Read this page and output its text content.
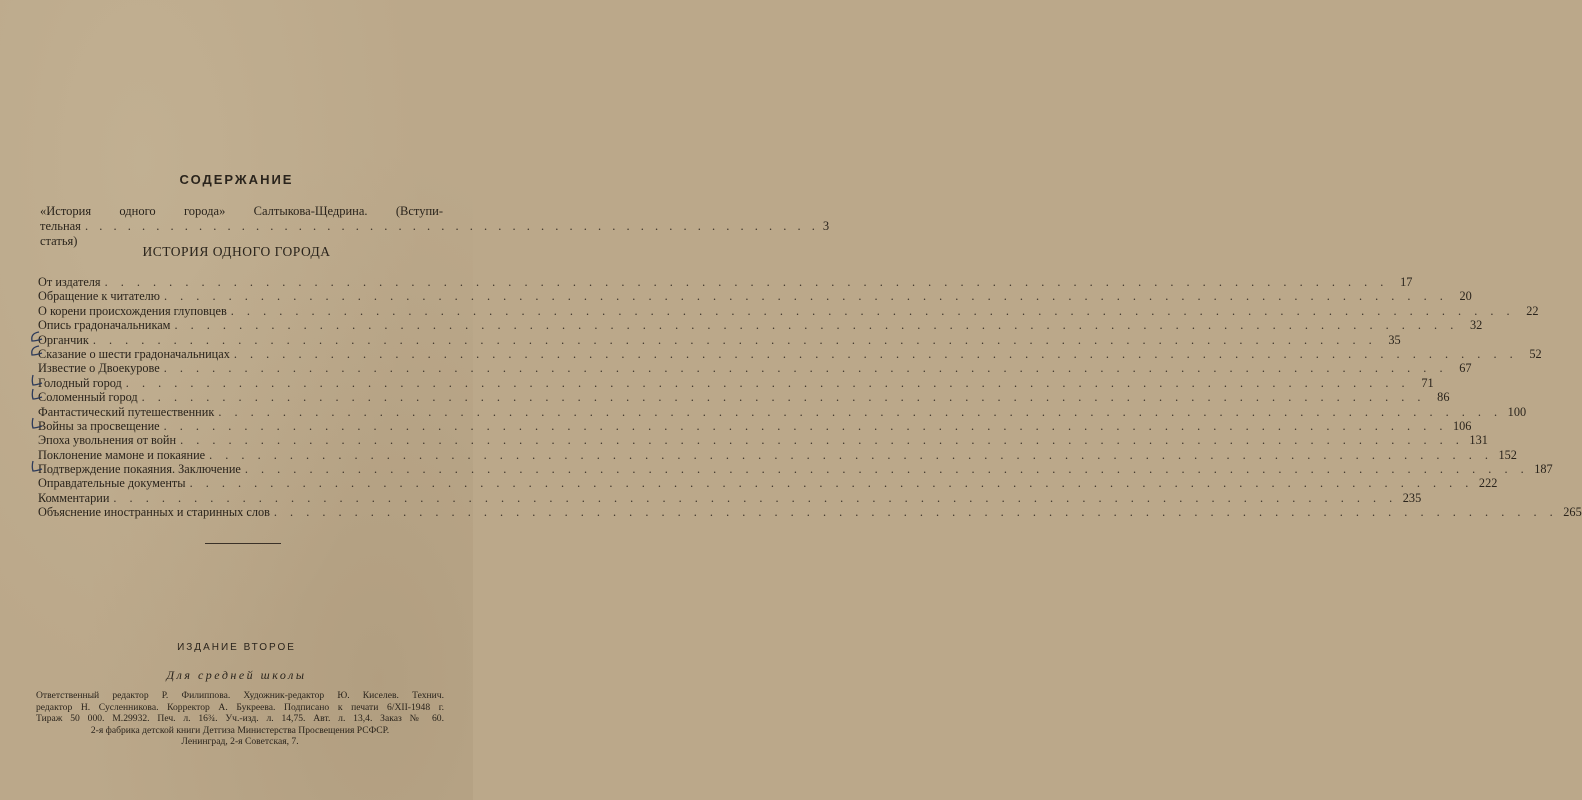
СОДЕРЖАНИЕ
«История одного города» Салтыкова-Щедрина. (Вступи-
тельная статья)
. . . . . . . . . . . . . . . . . . . . . . . . . . . . . . . . . . . . . . . . . . . . . . . . . . . . 3
ИСТОРИЯ ОДНОГО ГОРОДА
От издателя . . . . . . . . . . . . . . . . . . . . . . . . . . . . . . . . . . . . . . . . . . . . . . . . . . . . . . . . . . . . . . . . . . . . . . . . . . . . . . . . 17
Обращение к читателю . . . . . . . . . . . . . . . . . . . . . . . . . . . . . . . . . . . . . . . . . . . . . . . . . . . . . . . . . . . . . . . . . . . . . . . . . . . . . . . . 20
О корени происхождения глуповцев . . . . . . . . . . . . . . . . . . . . . . . . . . . . . . . . . . . . . . . . . . . . . . . . . . . . . . . . . . . . . . . . . . . . . . . . . . . . . . . . 22
Опись градоначальникам . . . . . . . . . . . . . . . . . . . . . . . . . . . . . . . . . . . . . . . . . . . . . . . . . . . . . . . . . . . . . . . . . . . . . . . . . . . . . . . . 32
Органчик . . . . . . . . . . . . . . . . . . . . . . . . . . . . . . . . . . . . . . . . . . . . . . . . . . . . . . . . . . . . . . . . . . . . . . . . . . . . . . . . 35
Сказание о шести градоначальницах . . . . . . . . . . . . . . . . . . . . . . . . . . . . . . . . . . . . . . . . . . . . . . . . . . . . . . . . . . . . . . . . . . . . . . . . . . . . . . . . 52
Известие о Двоекурове . . . . . . . . . . . . . . . . . . . . . . . . . . . . . . . . . . . . . . . . . . . . . . . . . . . . . . . . . . . . . . . . . . . . . . . . . . . . . . . . 67
Голодный город . . . . . . . . . . . . . . . . . . . . . . . . . . . . . . . . . . . . . . . . . . . . . . . . . . . . . . . . . . . . . . . . . . . . . . . . . . . . . . . . 71
Соломенный город . . . . . . . . . . . . . . . . . . . . . . . . . . . . . . . . . . . . . . . . . . . . . . . . . . . . . . . . . . . . . . . . . . . . . . . . . . . . . . . . 86
Фантастический путешественник . . . . . . . . . . . . . . . . . . . . . . . . . . . . . . . . . . . . . . . . . . . . . . . . . . . . . . . . . . . . . . . . . . . . . . . . . . . . . . . . 100
Войны за просвещение . . . . . . . . . . . . . . . . . . . . . . . . . . . . . . . . . . . . . . . . . . . . . . . . . . . . . . . . . . . . . . . . . . . . . . . . . . . . . . . . 106
Эпоха увольнения от войн . . . . . . . . . . . . . . . . . . . . . . . . . . . . . . . . . . . . . . . . . . . . . . . . . . . . . . . . . . . . . . . . . . . . . . . . . . . . . . . . 131
Поклонение мамоне и покаяние . . . . . . . . . . . . . . . . . . . . . . . . . . . . . . . . . . . . . . . . . . . . . . . . . . . . . . . . . . . . . . . . . . . . . . . . . . . . . . . . 152
Подтверждение покаяния. Заключение . . . . . . . . . . . . . . . . . . . . . . . . . . . . . . . . . . . . . . . . . . . . . . . . . . . . . . . . . . . . . . . . . . . . . . . . . . . . . . . . 187
Оправдательные документы . . . . . . . . . . . . . . . . . . . . . . . . . . . . . . . . . . . . . . . . . . . . . . . . . . . . . . . . . . . . . . . . . . . . . . . . . . . . . . . . 222
Комментарии . . . . . . . . . . . . . . . . . . . . . . . . . . . . . . . . . . . . . . . . . . . . . . . . . . . . . . . . . . . . . . . . . . . . . . . . . . . . . . . . 235
Объяснение иностранных и старинных слов . . . . . . . . . . . . . . . . . . . . . . . . . . . . . . . . . . . . . . . . . . . . . . . . . . . . . . . . . . . . . . . . . . . . . . . . . . . . . . . . 265
ИЗДАНИЕ ВТОРОЕ
Для средней школы
Ответственный редактор Р. Филиппова. Художник-редактор Ю. Киселев. Технич.
редактор Н. Сусленникова. Корректор А. Букреева. Подписано к печати 6/XII-1948 г.
Тираж 50 000. М.29932. Печ. л. 16¾. Уч.-изд. л. 14,75. Авт. л. 13,4. Заказ № 60.
2-я фабрика детской книги Детгиза Министерства Просвещения РСФСР.
Ленинград, 2-я Советская, 7.
